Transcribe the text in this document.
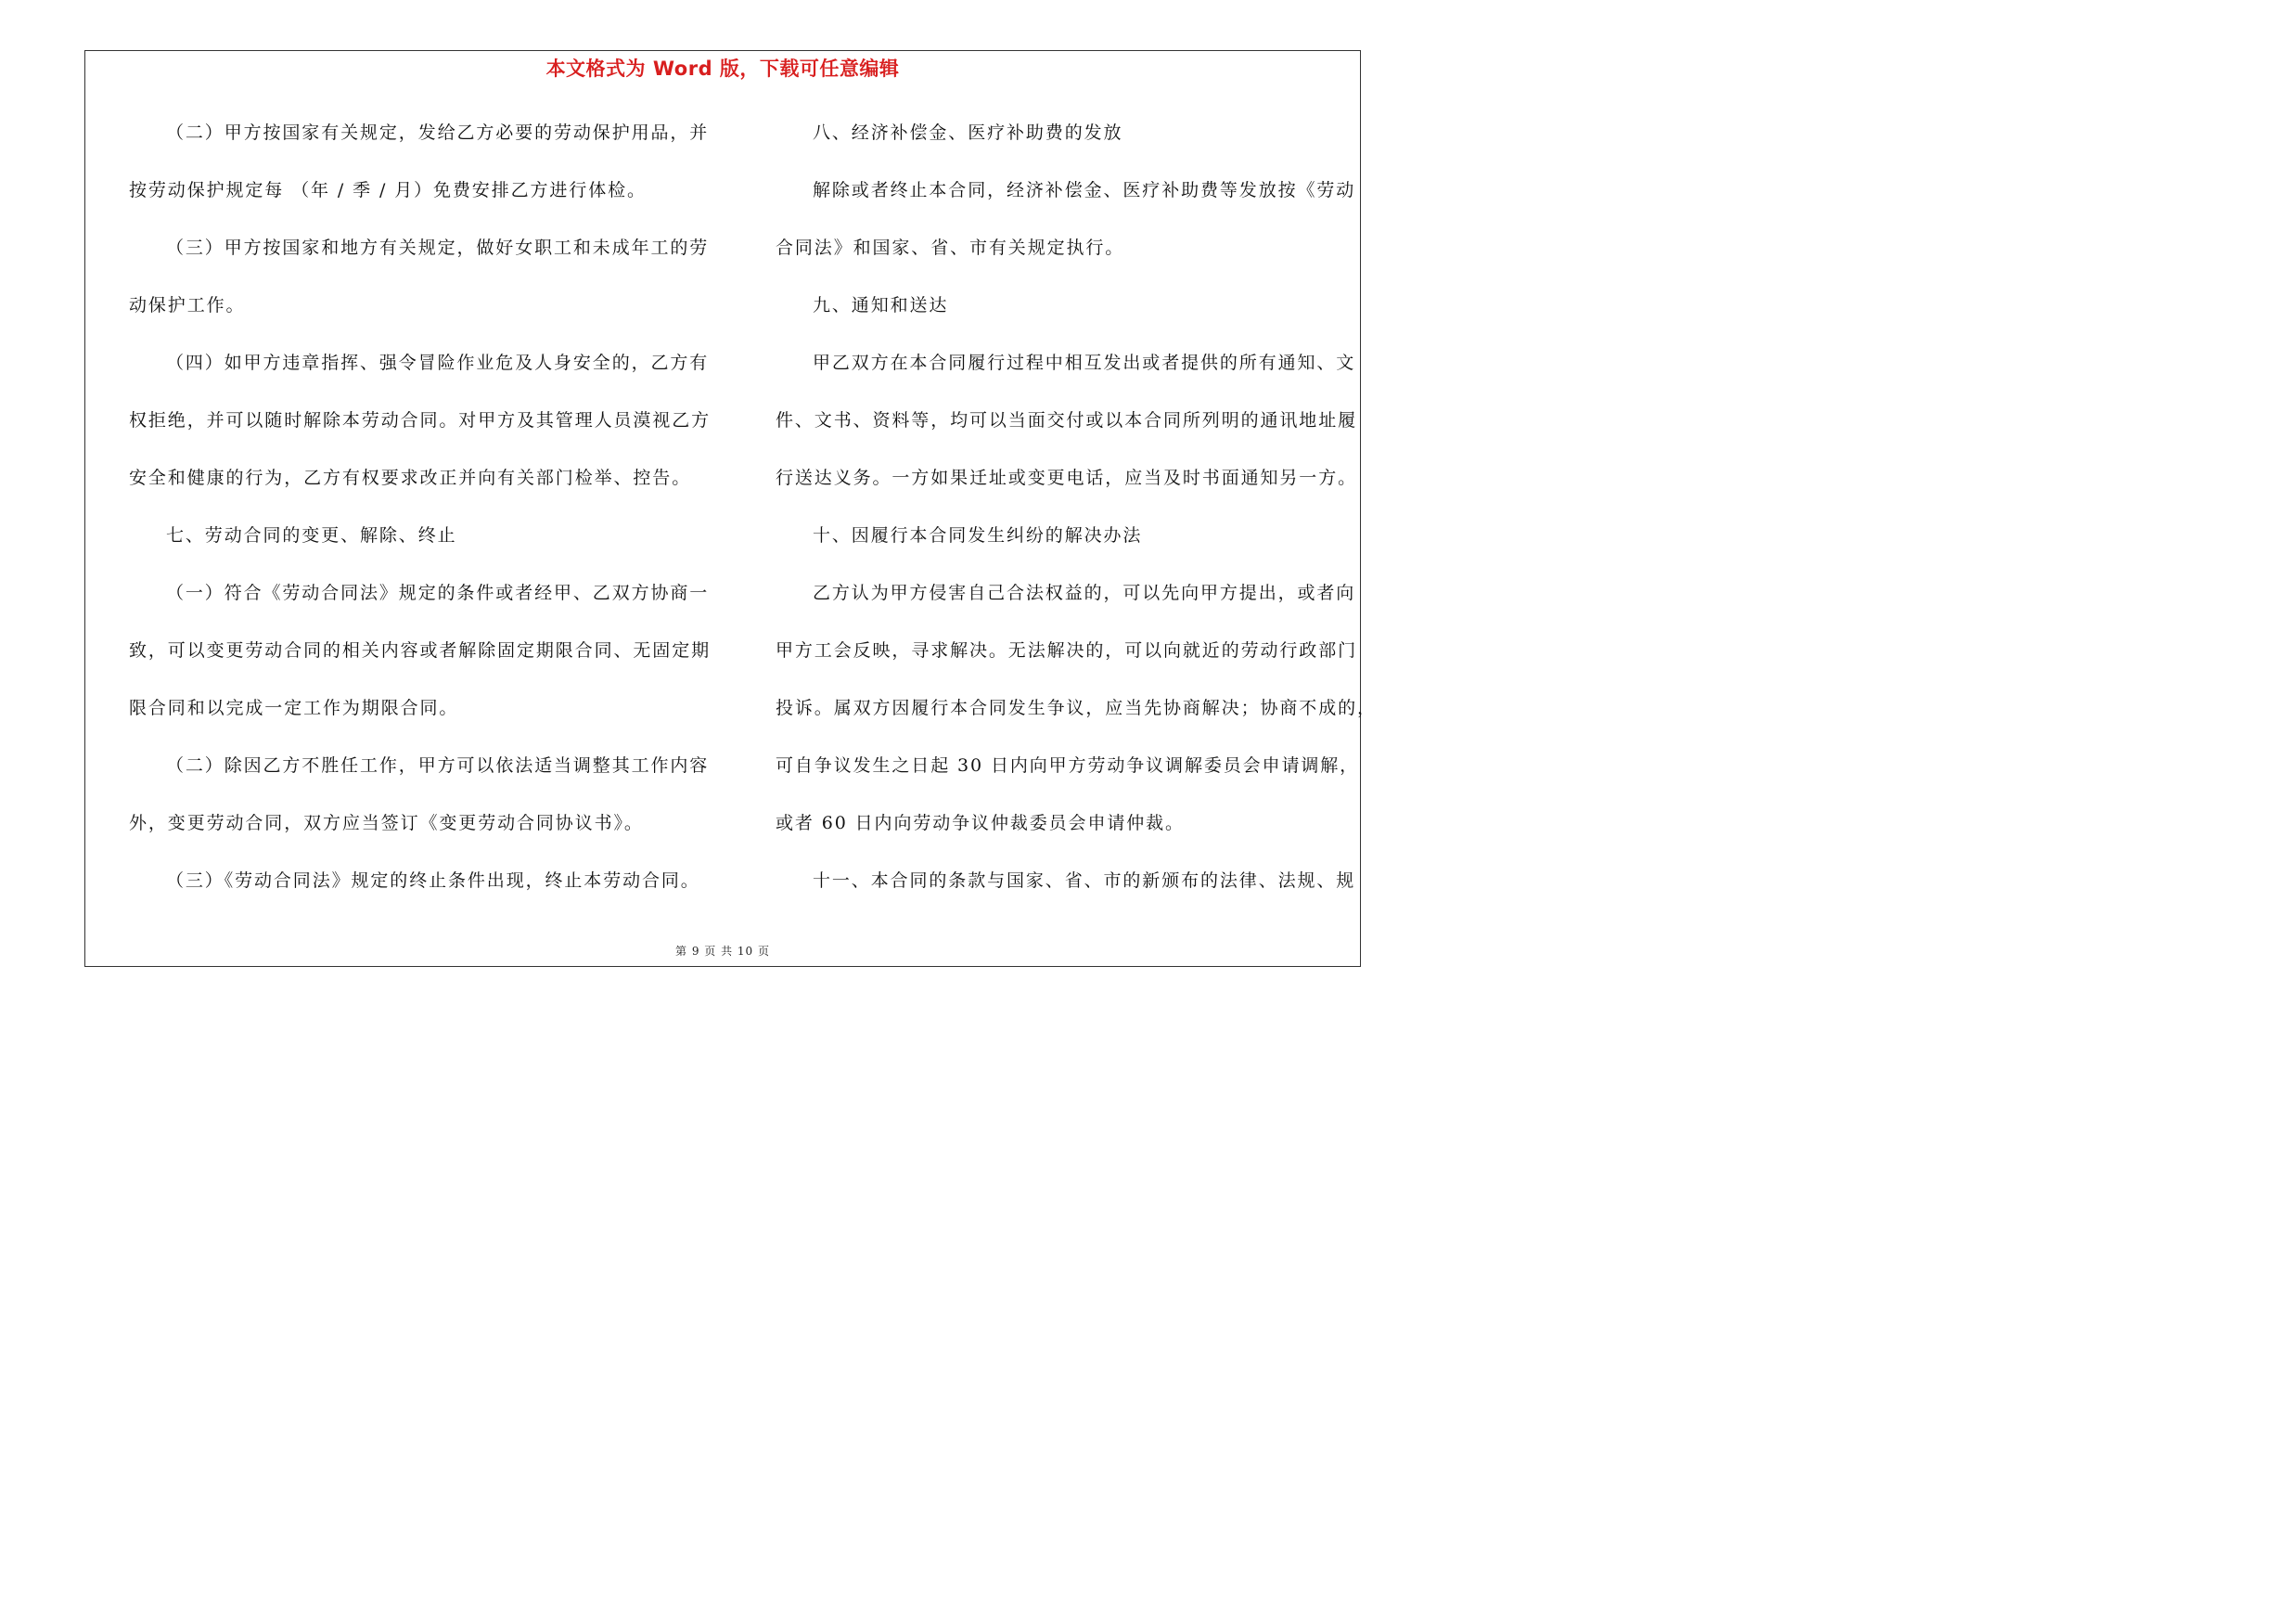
本文格式为 Word 版，下载可任意编辑
（二）甲方按国家有关规定，发给乙方必要的劳动保护用品，并
按劳动保护规定每 （年 / 季 / 月）免费安排乙方进行体检。
（三）甲方按国家和地方有关规定，做好女职工和未成年工的劳
动保护工作。
（四）如甲方违章指挥、强令冒险作业危及人身安全的，乙方有
权拒绝，并可以随时解除本劳动合同。对甲方及其管理人员漠视乙方
安全和健康的行为，乙方有权要求改正并向有关部门检举、控告。
七、劳动合同的变更、解除、终止
（一）符合《劳动合同法》规定的条件或者经甲、乙双方协商一
致，可以变更劳动合同的相关内容或者解除固定期限合同、无固定期
限合同和以完成一定工作为期限合同。
（二）除因乙方不胜任工作，甲方可以依法适当调整其工作内容
外，变更劳动合同，双方应当签订《变更劳动合同协议书》。
（三）《劳动合同法》规定的终止条件出现，终止本劳动合同。
八、经济补偿金、医疗补助费的发放
解除或者终止本合同，经济补偿金、医疗补助费等发放按《劳动
合同法》和国家、省、市有关规定执行。
九、通知和送达
甲乙双方在本合同履行过程中相互发出或者提供的所有通知、文
件、文书、资料等，均可以当面交付或以本合同所列明的通讯地址履
行送达义务。一方如果迁址或变更电话，应当及时书面通知另一方。
十、因履行本合同发生纠纷的解决办法
乙方认为甲方侵害自己合法权益的，可以先向甲方提出，或者向
甲方工会反映，寻求解决。无法解决的，可以向就近的劳动行政部门
投诉。属双方因履行本合同发生争议，应当先协商解决；协商不成的，
可自争议发生之日起 30 日内向甲方劳动争议调解委员会申请调解，
或者 60 日内向劳动争议仲裁委员会申请仲裁。
十一、本合同的条款与国家、省、市的新颁布的法律、法规、规
第 9 页 共 10 页
